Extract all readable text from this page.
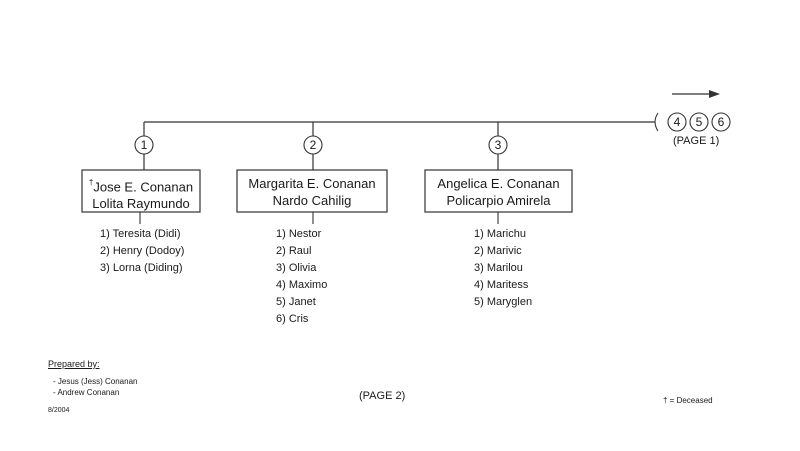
1	2	3
4 5 6
†Jose E. Conanan
Lolita Raymundo
Margarita E. Conanan
Nardo Cahilig
Angelica E. Conanan
Policarpio Amirela
1) Teresita (Didi)
2) Henry (Dodoy)
3) Lorna (Diding)
1) Nestor
2) Raul
3) Olivia
4) Maximo
5) Janet
6) Cris
1) Marichu
2) Marivic
3) Marilou
4) Maritess
5) Maryglen
(PAGE 1)
Prepared by:
- Jesus (Jess) Conanan
- Andrew Conanan
8/2004
(PAGE 2)	† = Deceased
